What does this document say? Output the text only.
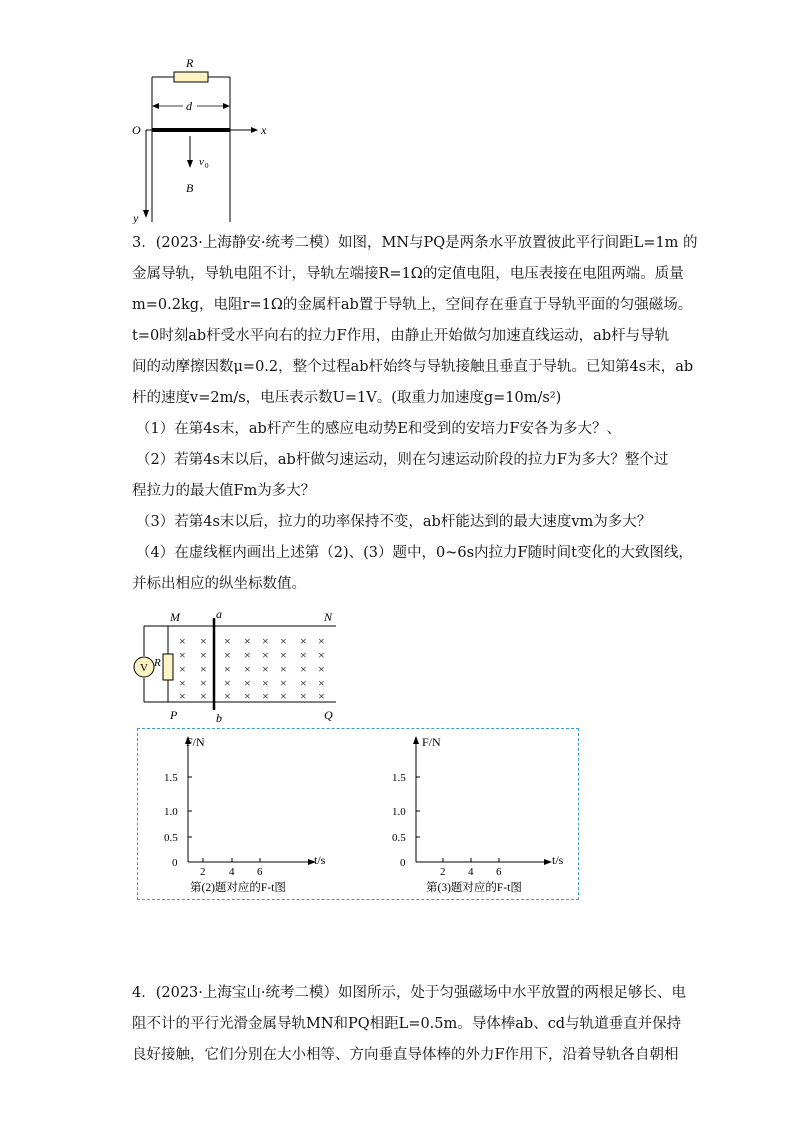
R
d
O	x
y
v 0
B
3．(2023·上海静安·统考二模）如图，MN与PQ是两条水平放置彼此平行间距L=1m 的
金属导轨，导轨电阻不计，导轨左端接R=1Ω的定值电阻，电压表接在电阻两端。质量
m=0.2kg，电阻r=1Ω的金属杆ab置于导轨上，空间存在垂直于导轨平面的匀强磁场。
t=0时刻ab杆受水平向右的拉力F作用，由静止开始做匀加速直线运动，ab杆与导轨
间的动摩擦因数μ=0.2，整个过程ab杆始终与导轨接触且垂直于导轨。已知第4s末，ab
杆的速度v=2m/s，电压表示数U=1V。(取重力加速度g=10m/s²)
（1）在第4s末，ab杆产生的感应电动势E和受到的安培力F安各为多大？、
（2）若第4s末以后，ab杆做匀速运动，则在匀速运动阶段的拉力F为多大？整个过
程拉力的最大值Fm为多大？
（3）若第4s末以后，拉力的功率保持不变，ab杆能达到的最大速度vm为多大？
（4）在虚线框内画出上述第（2)、(3）题中，0~6s内拉力F随时间t变化的大致图线，
并标出相应的纵坐标数值。
V R
M	N
P	Q
a
b
× × × × × × × ×
× × × × × × × ×
× × × × × × × ×
× × × × × × × ×
× × × × × × × ×
F/N
t/s
1.5
1.0
0.5
0
2 4 6
第(2)题对应的F-t图
F/N
t/s
1.5
1.0
0.5
0
2 4 6
第(3)题对应的F-t图
4．(2023·上海宝山·统考二模）如图所示，处于匀强磁场中水平放置的两根足够长、电
阻不计的平行光滑金属导轨MN和PQ相距L=0.5m。导体棒ab、cd与轨道垂直并保持
良好接触，它们分别在大小相等、方向垂直导体棒的外力F作用下，沿着导轨各自朝相
